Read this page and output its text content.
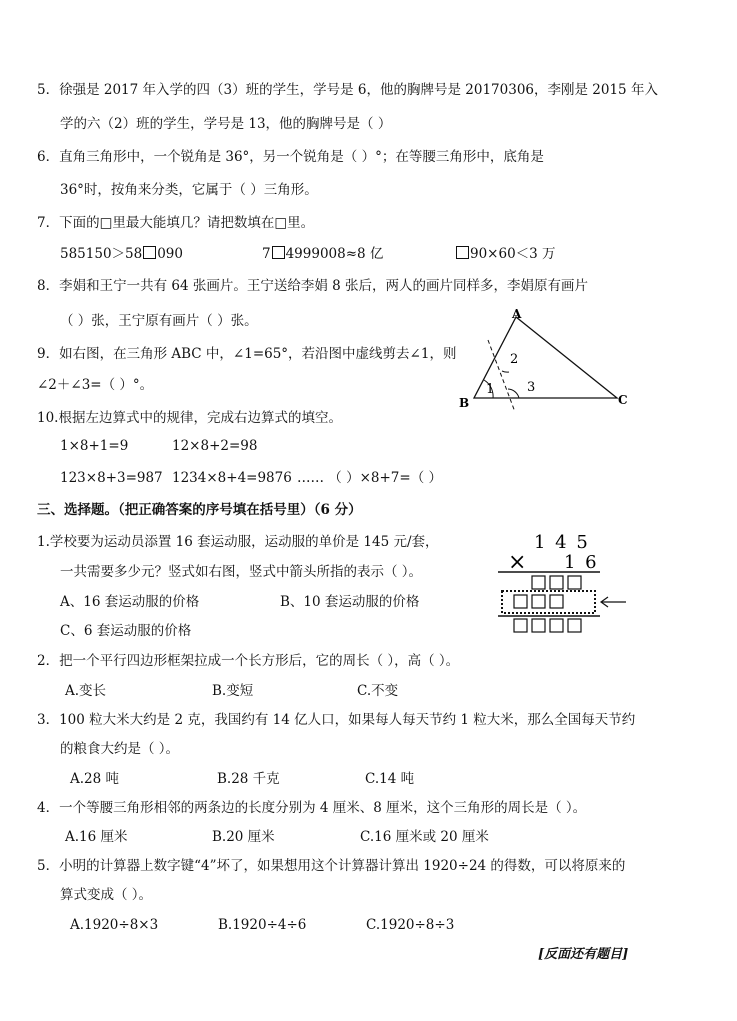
5．徐强是 2017 年入学的四（3）班的学生，学号是 6，他的胸牌号是 20170306，李刚是 2015 年入
学的六（2）班的学生，学号是 13，他的胸牌号是（ ）
6．直角三角形中，一个锐角是 36°，另一个锐角是（ ）°；在等腰三角形中，底角是
36°时，按角来分类，它属于（ ）三角形。
7．下面的□里最大能填几？请把数填在□里。
585150＞58 090	7 4999008≈8 亿	90×60＜3 万
8．李娟和王宁一共有 64 张画片。王宁送给李娟 8 张后，两人的画片同样多，李娟原有画片
（ ）张，王宁原有画片（ ）张。
9．如右图，在三角形 ABC 中，∠1=65°，若沿图中虚线剪去∠1，则
∠2＋∠3=（ ）°。
A
B	C
1
2
3
10.根据左边算式中的规律，完成右边算式的填空。
1×8+1=9	12×8+2=98
123×8+3=987 1234×8+4=9876 …… （ ）×8+7=（ ）
三、选择题。（把正确答案的序号填在括号里）（6 分）
1.学校要为运动员添置 16 套运动服，运动服的单价是 145 元/套，
一共需要多少元？竖式如右图，竖式中箭头所指的表示（ ）。
A、16 套运动服的价格	B、10 套运动服的价格
C、6 套运动服的价格
1 4 5
× 1 6
2．把一个平行四边形框架拉成一个长方形后，它的周长（ ），高（ ）。
A.变长	B.变短	C.不变
3．100 粒大米大约是 2 克，我国约有 14 亿人口，如果每人每天节约 1 粒大米，那么全国每天节约
的粮食大约是（ ）。
A.28 吨	B.28 千克	C.14 吨
4．一个等腰三角形相邻的两条边的长度分别为 4 厘米、8 厘米，这个三角形的周长是（ ）。
A.16 厘米	B.20 厘米	C.16 厘米或 20 厘米
5．小明的计算器上数字键“4”坏了，如果想用这个计算器计算出 1920÷24 的得数，可以将原来的
算式变成（ ）。
A.1920÷8×3	B.1920÷4÷6	C.1920÷8÷3
[反面还有题目]
